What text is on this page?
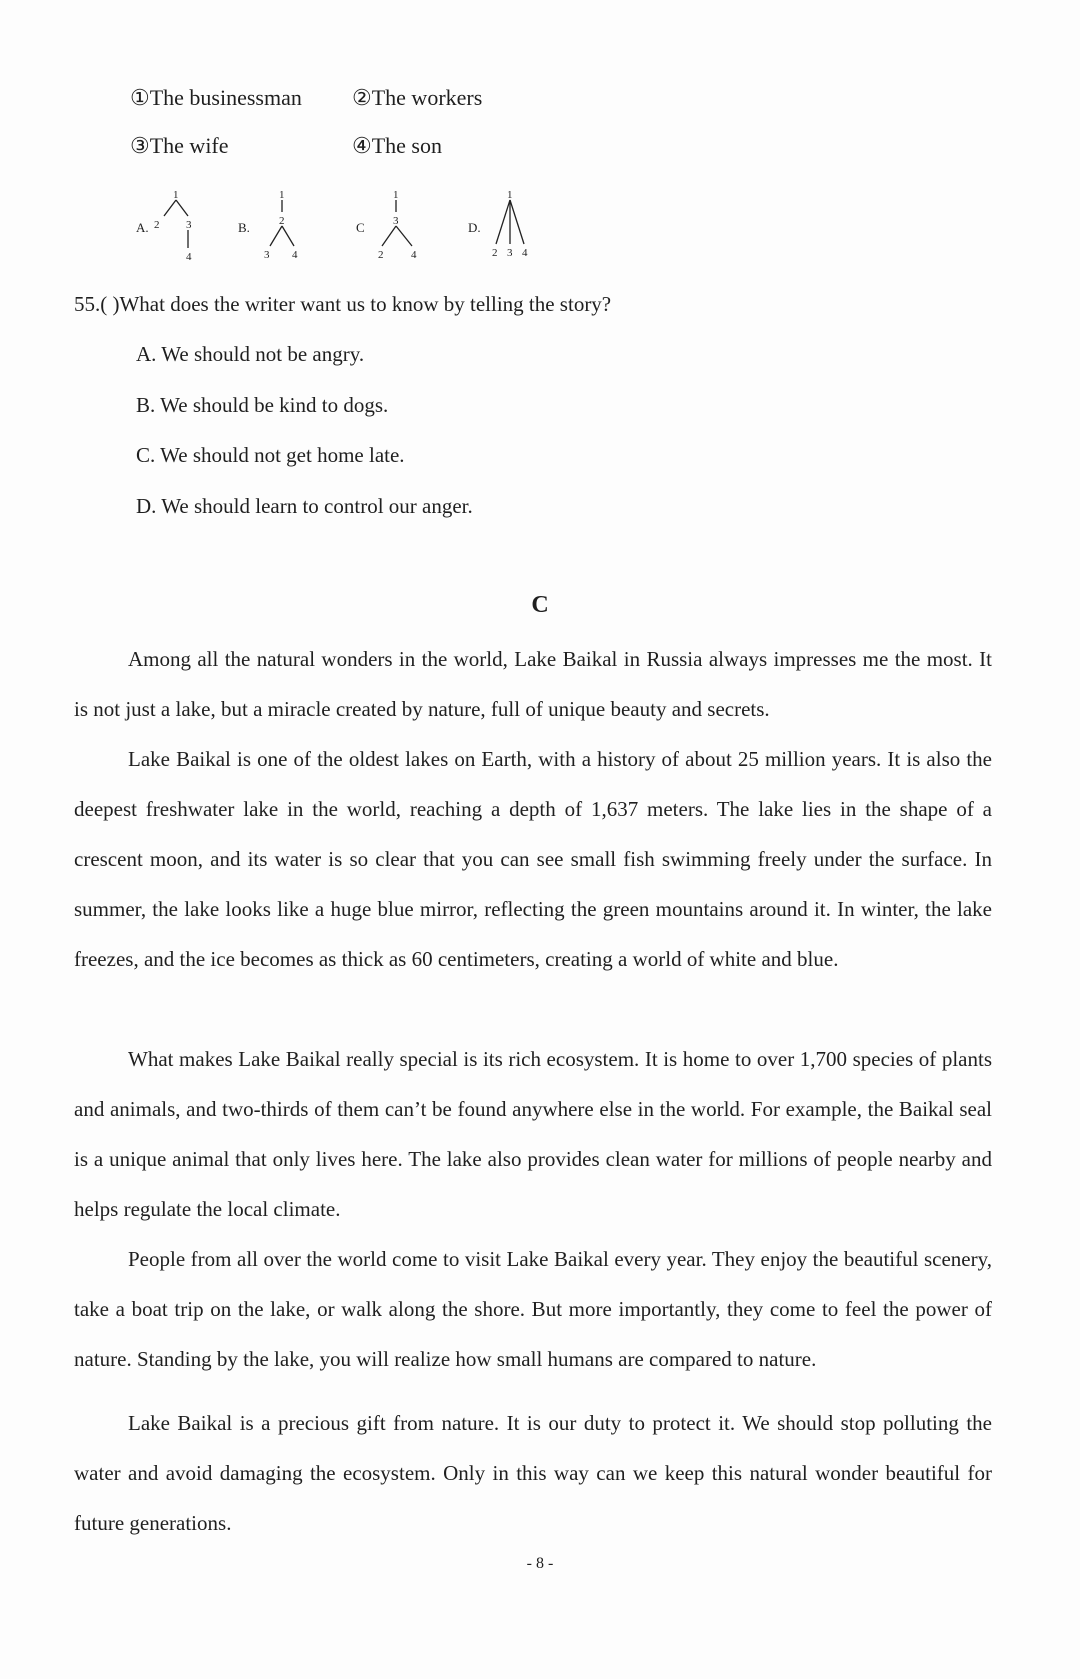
①The businessman	②The workers
③The wife	④The son
A.
1
2 3
4
B.
1
2
3 4
C
1
3
2	4
D.
1
2 3 4
55.( )What does the writer want us to know by telling the story?
A. We should not be angry.
B. We should be kind to dogs.
C. We should not get home late.
D. We should learn to control our anger.
C
Among all the natural wonders in the world, Lake Baikal in Russia always impresses me the most. It is not just a lake, but a miracle created by nature, full of unique beauty and secrets.
Lake Baikal is one of the oldest lakes on Earth, with a history of about 25 million years. It is also the deepest freshwater lake in the world, reaching a depth of 1,637 meters. The lake lies in the shape of a crescent moon, and its water is so clear that you can see small fish swimming freely under the surface. In summer, the lake looks like a huge blue mirror, reflecting the green mountains around it. In winter, the lake freezes, and the ice becomes as thick as 60 centimeters, creating a world of white and blue.
What makes Lake Baikal really special is its rich ecosystem. It is home to over 1,700 species of plants and animals, and two-thirds of them can’t be found anywhere else in the world. For example, the Baikal seal is a unique animal that only lives here. The lake also provides clean water for millions of people nearby and helps regulate the local climate.
People from all over the world come to visit Lake Baikal every year. They enjoy the beautiful scenery, take a boat trip on the lake, or walk along the shore. But more importantly, they come to feel the power of nature. Standing by the lake, you will realize how small humans are compared to nature.
Lake Baikal is a precious gift from nature. It is our duty to protect it. We should stop polluting the water and avoid damaging the ecosystem. Only in this way can we keep this natural wonder beautiful for future generations.
- 8 -
